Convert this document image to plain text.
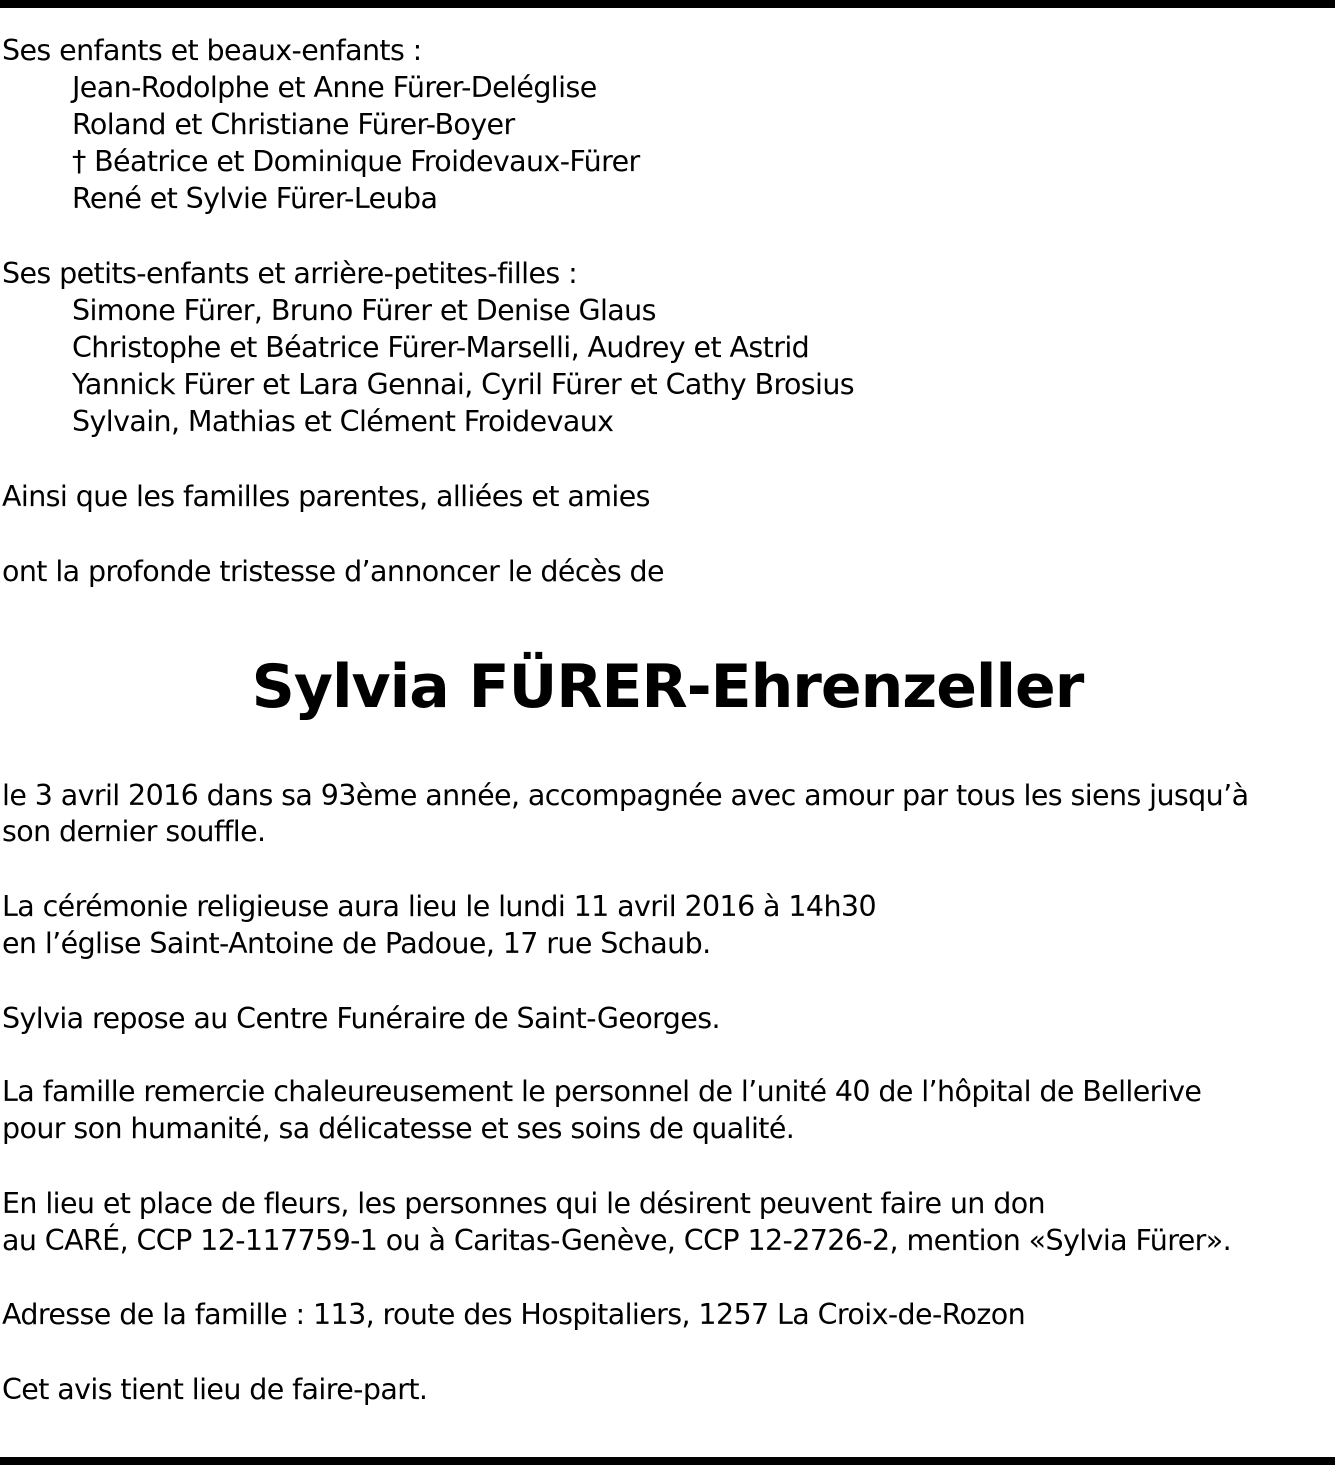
Ses enfants et beaux-enfants :
Jean-Rodolphe et Anne Fürer-Deléglise
Roland et Christiane Fürer-Boyer
† Béatrice et Dominique Froidevaux-Fürer
René et Sylvie Fürer-Leuba
Ses petits-enfants et arrière-petites-filles :
Simone Fürer, Bruno Fürer et Denise Glaus
Christophe et Béatrice Fürer-Marselli, Audrey et Astrid
Yannick Fürer et Lara Gennai, Cyril Fürer et Cathy Brosius
Sylvain, Mathias et Clément Froidevaux
Ainsi que les familles parentes, alliées et amies
ont la profonde tristesse d’annoncer le décès de
Sylvia FÜRER-Ehrenzeller
le 3 avril 2016 dans sa 93ème année, accompagnée avec amour par tous les siens jusqu’à
son dernier souffle.
La cérémonie religieuse aura lieu le lundi 11 avril 2016 à 14h30
en l’église Saint-Antoine de Padoue, 17 rue Schaub.
Sylvia repose au Centre Funéraire de Saint-Georges.
La famille remercie chaleureusement le personnel de l’unité 40 de l’hôpital de Bellerive
pour son humanité, sa délicatesse et ses soins de qualité.
En lieu et place de fleurs, les personnes qui le désirent peuvent faire un don
au CARÉ, CCP 12-117759-1 ou à Caritas-Genève, CCP 12-2726-2, mention «Sylvia Fürer».
Adresse de la famille : 113, route des Hospitaliers, 1257 La Croix-de-Rozon
Cet avis tient lieu de faire-part.
